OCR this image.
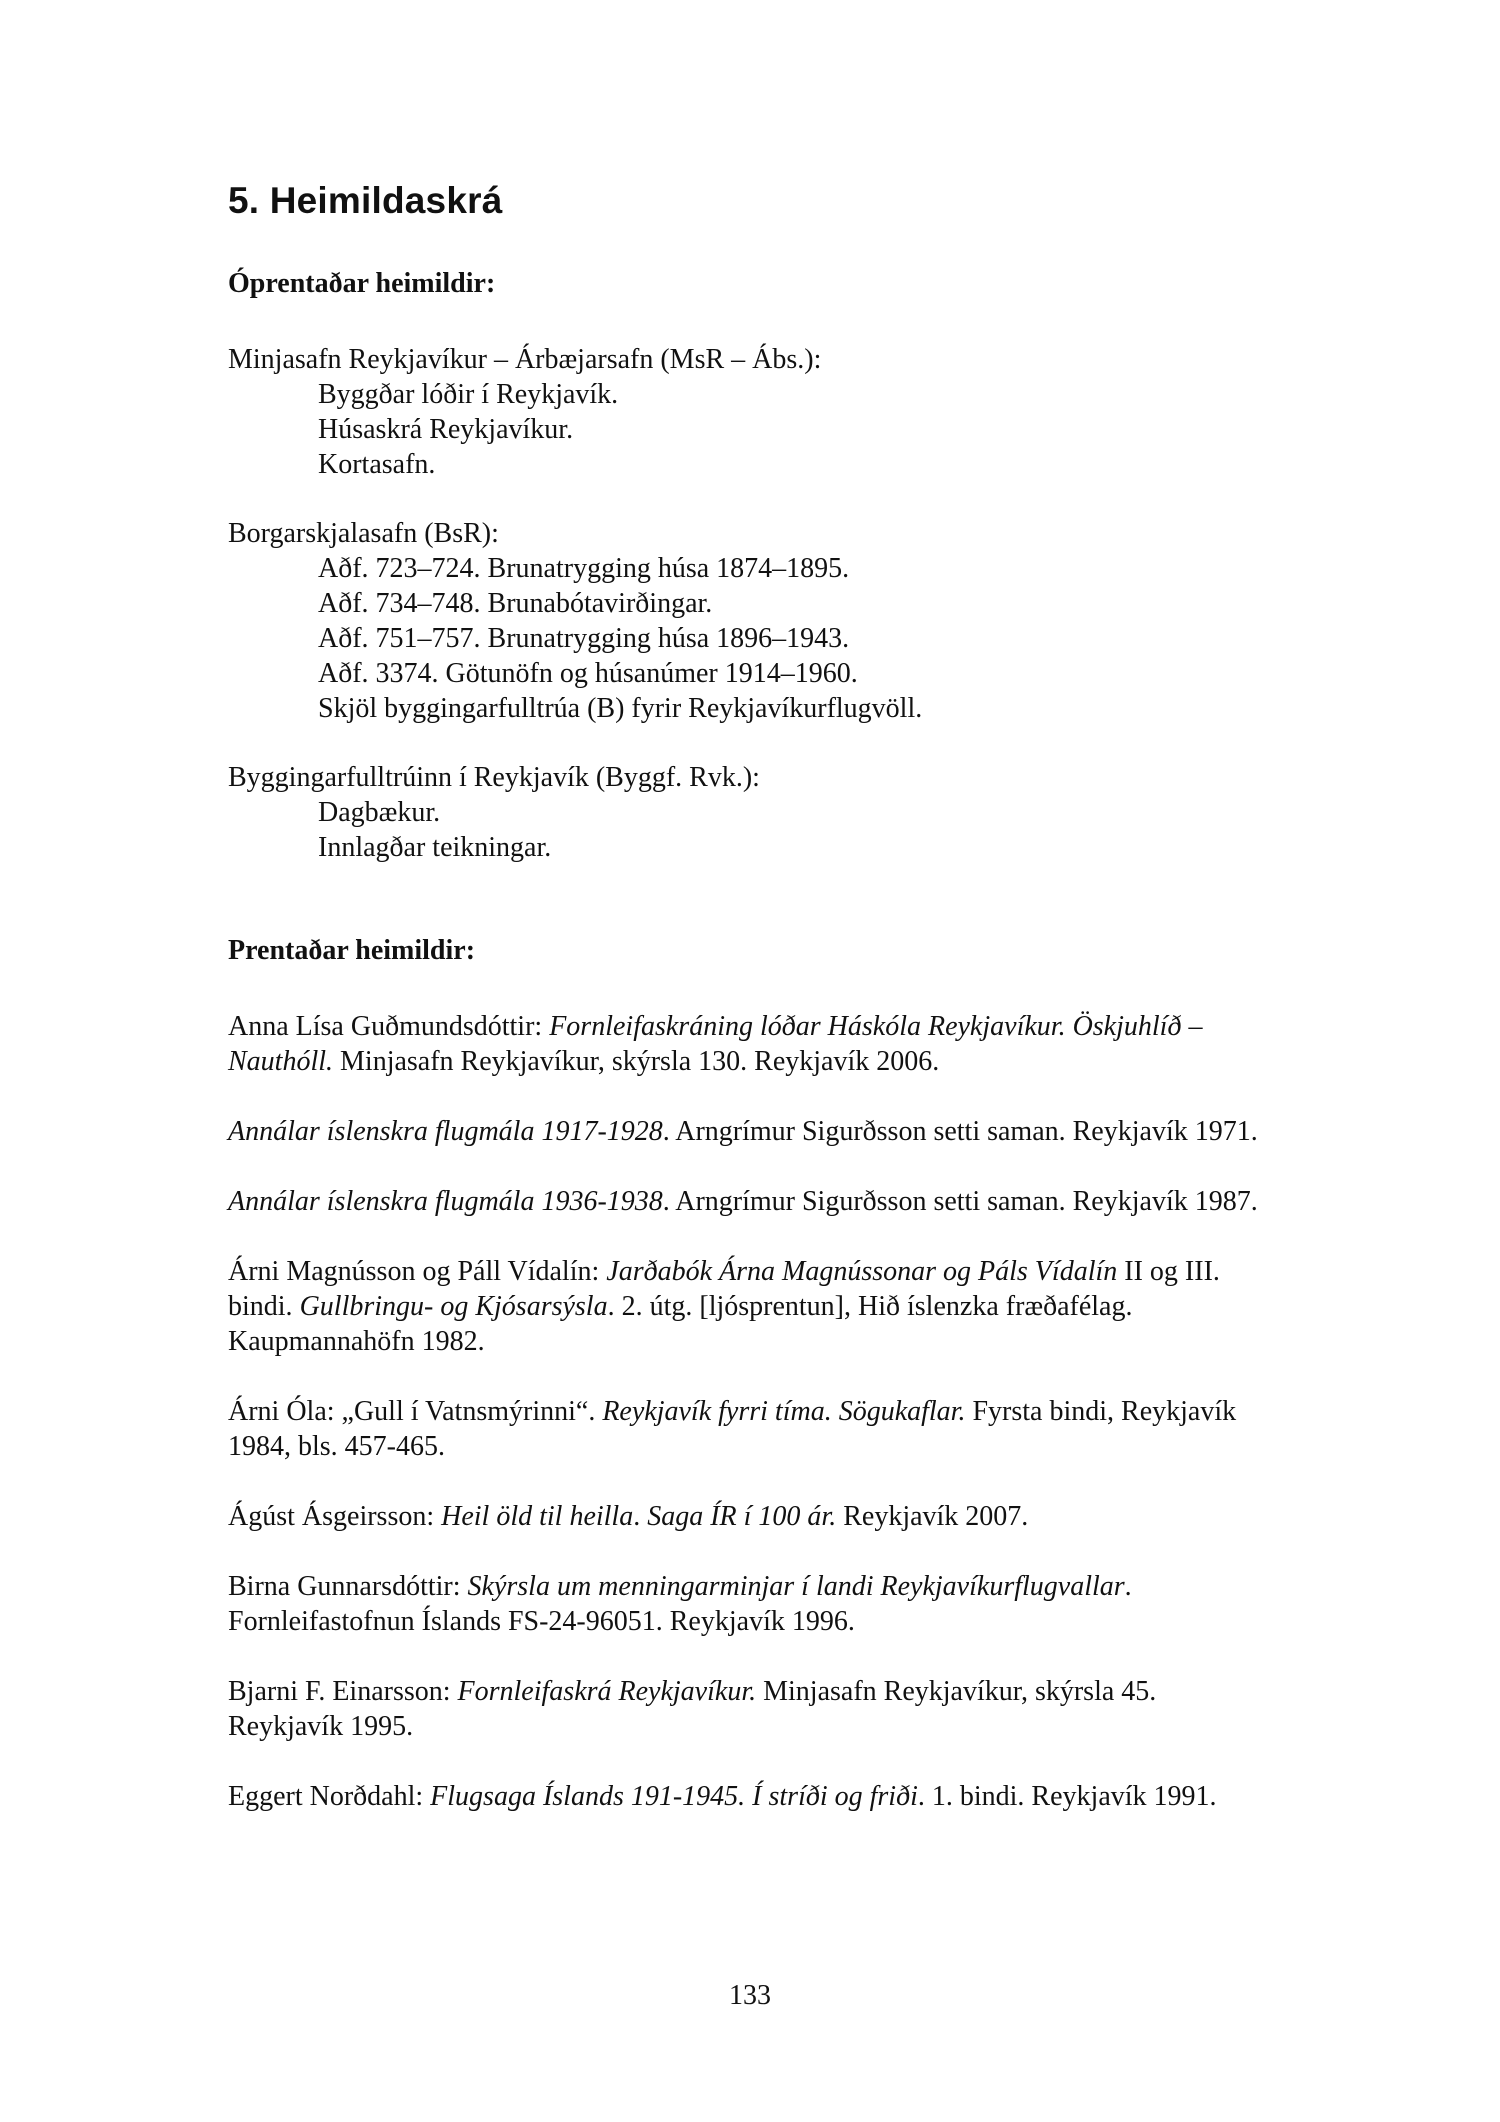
5. Heimildaskrá
Óprentaðar heimildir:

Minjasafn Reykjavíkur – Árbæjarsafn (MsR – Ábs.):

Byggðar lóðir í Reykjavík.

Húsaskrá Reykjavíkur.

Kortasafn.

Borgarskjalasafn (BsR):

Aðf. 723–724. Brunatrygging húsa 1874–1895.

Aðf. 734–748. Brunabótavirðingar.

Aðf. 751–757. Brunatrygging húsa 1896–1943.

Aðf. 3374. Götunöfn og húsanúmer 1914–1960.

Skjöl byggingarfulltrúa (B) fyrir Reykjavíkurflugvöll.

Byggingarfulltrúinn í Reykjavík (Byggf. Rvk.):

Dagbækur.

Innlagðar teikningar.

Prentaðar heimildir:

Anna Lísa Guðmundsdóttir: Fornleifaskráning lóðar Háskóla Reykjavíkur. Öskjuhlíð – Nauthóll. Minjasafn Reykjavíkur, skýrsla 130. Reykjavík 2006.

Annálar íslenskra flugmála 1917-1928. Arngrímur Sigurðsson setti saman. Reykjavík 1971.

Annálar íslenskra flugmála 1936-1938. Arngrímur Sigurðsson setti saman. Reykjavík 1987.

Árni Magnússon og Páll Vídalín: Jarðabók Árna Magnússonar og Páls Vídalín II og III. bindi. Gullbringu- og Kjósarsýsla. 2. útg. [ljósprentun], Hið íslenzka fræðafélag. Kaupmannahöfn 1982.

Árni Óla: „Gull í Vatnsmýrinni“. Reykjavík fyrri tíma. Sögukaflar. Fyrsta bindi, Reykjavík 1984, bls. 457-465.

Ágúst Ásgeirsson: Heil öld til heilla. Saga ÍR í 100 ár. Reykjavík 2007.

Birna Gunnarsdóttir: Skýrsla um menningarminjar í landi Reykjavíkurflugvallar. Fornleifastofnun Íslands FS-24-96051. Reykjavík 1996.

Bjarni F. Einarsson: Fornleifaskrá Reykjavíkur. Minjasafn Reykjavíkur, skýrsla 45. Reykjavík 1995.

Eggert Norðdahl: Flugsaga Íslands 191-1945. Í stríði og friði. 1. bindi. Reykjavík 1991.

133
